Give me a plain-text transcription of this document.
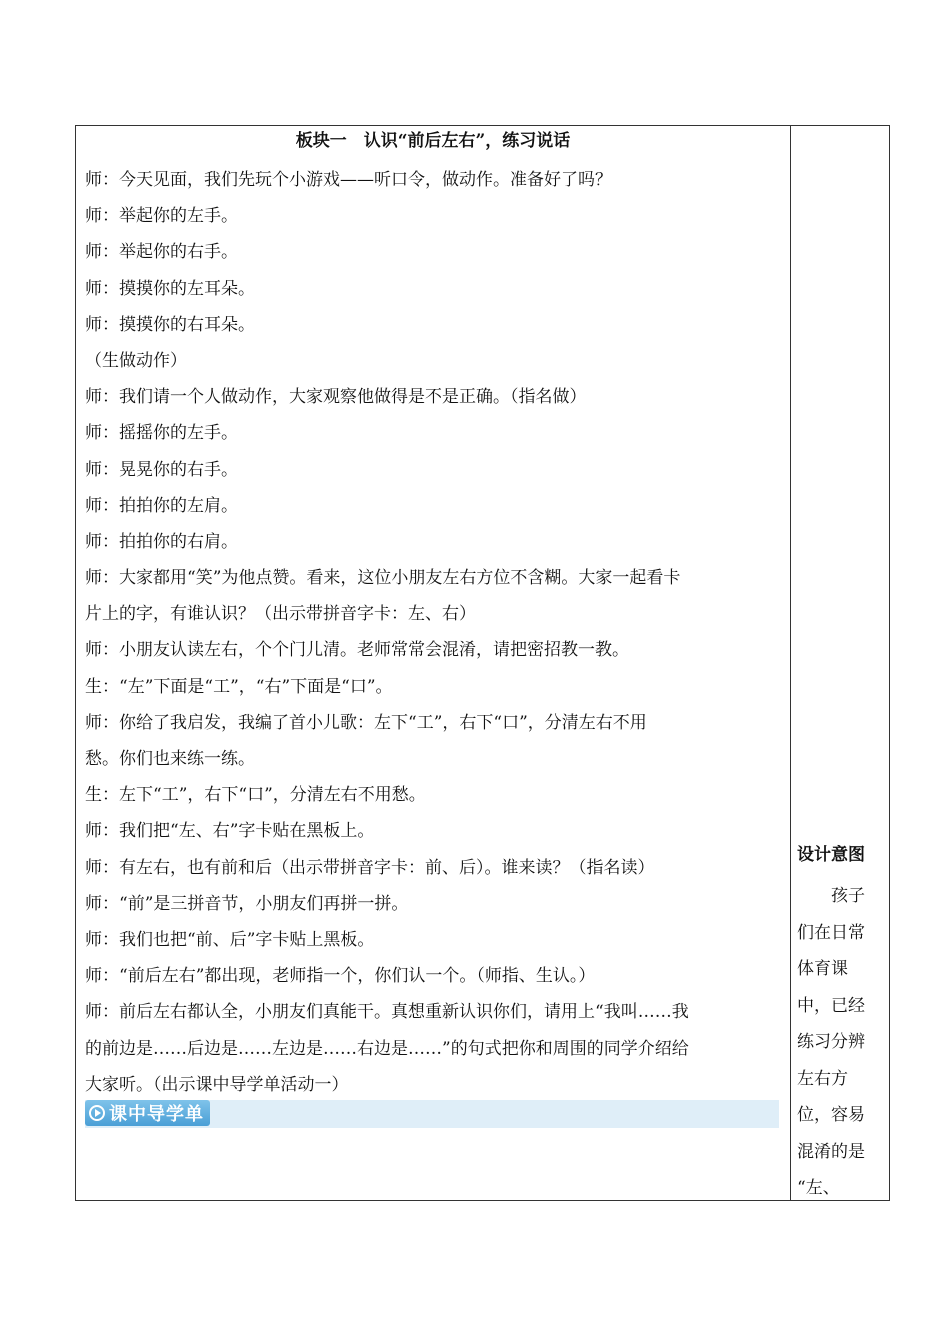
板块一　认识“前后左右”，练习说话
师：今天见面，我们先玩个小游戏——听口令，做动作。准备好了吗？
师：举起你的左手。
师：举起你的右手。
师：摸摸你的左耳朵。
师：摸摸你的右耳朵。
（生做动作）
师：我们请一个人做动作，大家观察他做得是不是正确。（指名做）
师：摇摇你的左手。
师：晃晃你的右手。
师：拍拍你的左肩。
师：拍拍你的右肩。
师：大家都用“笑”为他点赞。看来，这位小朋友左右方位不含糊。大家一起看卡
片上的字，有谁认识？（出示带拼音字卡：左、右）
师：小朋友认读左右，个个门儿清。老师常常会混淆，请把密招教一教。
生：“左”下面是“工”，“右”下面是“口”。
师：你给了我启发，我编了首小儿歌：左下“工”，右下“口”，分清左右不用
愁。你们也来练一练。
生：左下“工”，右下“口”，分清左右不用愁。
师：我们把“左、右”字卡贴在黑板上。
师：有左右，也有前和后（出示带拼音字卡：前、后）。谁来读？（指名读）
师：“前”是三拼音节，小朋友们再拼一拼。
师：我们也把“前、后”字卡贴上黑板。
师：“前后左右”都出现，老师指一个，你们认一个。（师指、生认。）
师：前后左右都认全，小朋友们真能干。真想重新认识你们，请用上“我叫……我
的前边是……后边是……左边是……右边是……”的句式把你和周围的同学介绍给
大家听。（出示课中导学单活动一）
课中导学单
设计意图
孩子
们在日常
体育课
中，已经
练习分辨
左右方
位，容易
混淆的是
“左、
